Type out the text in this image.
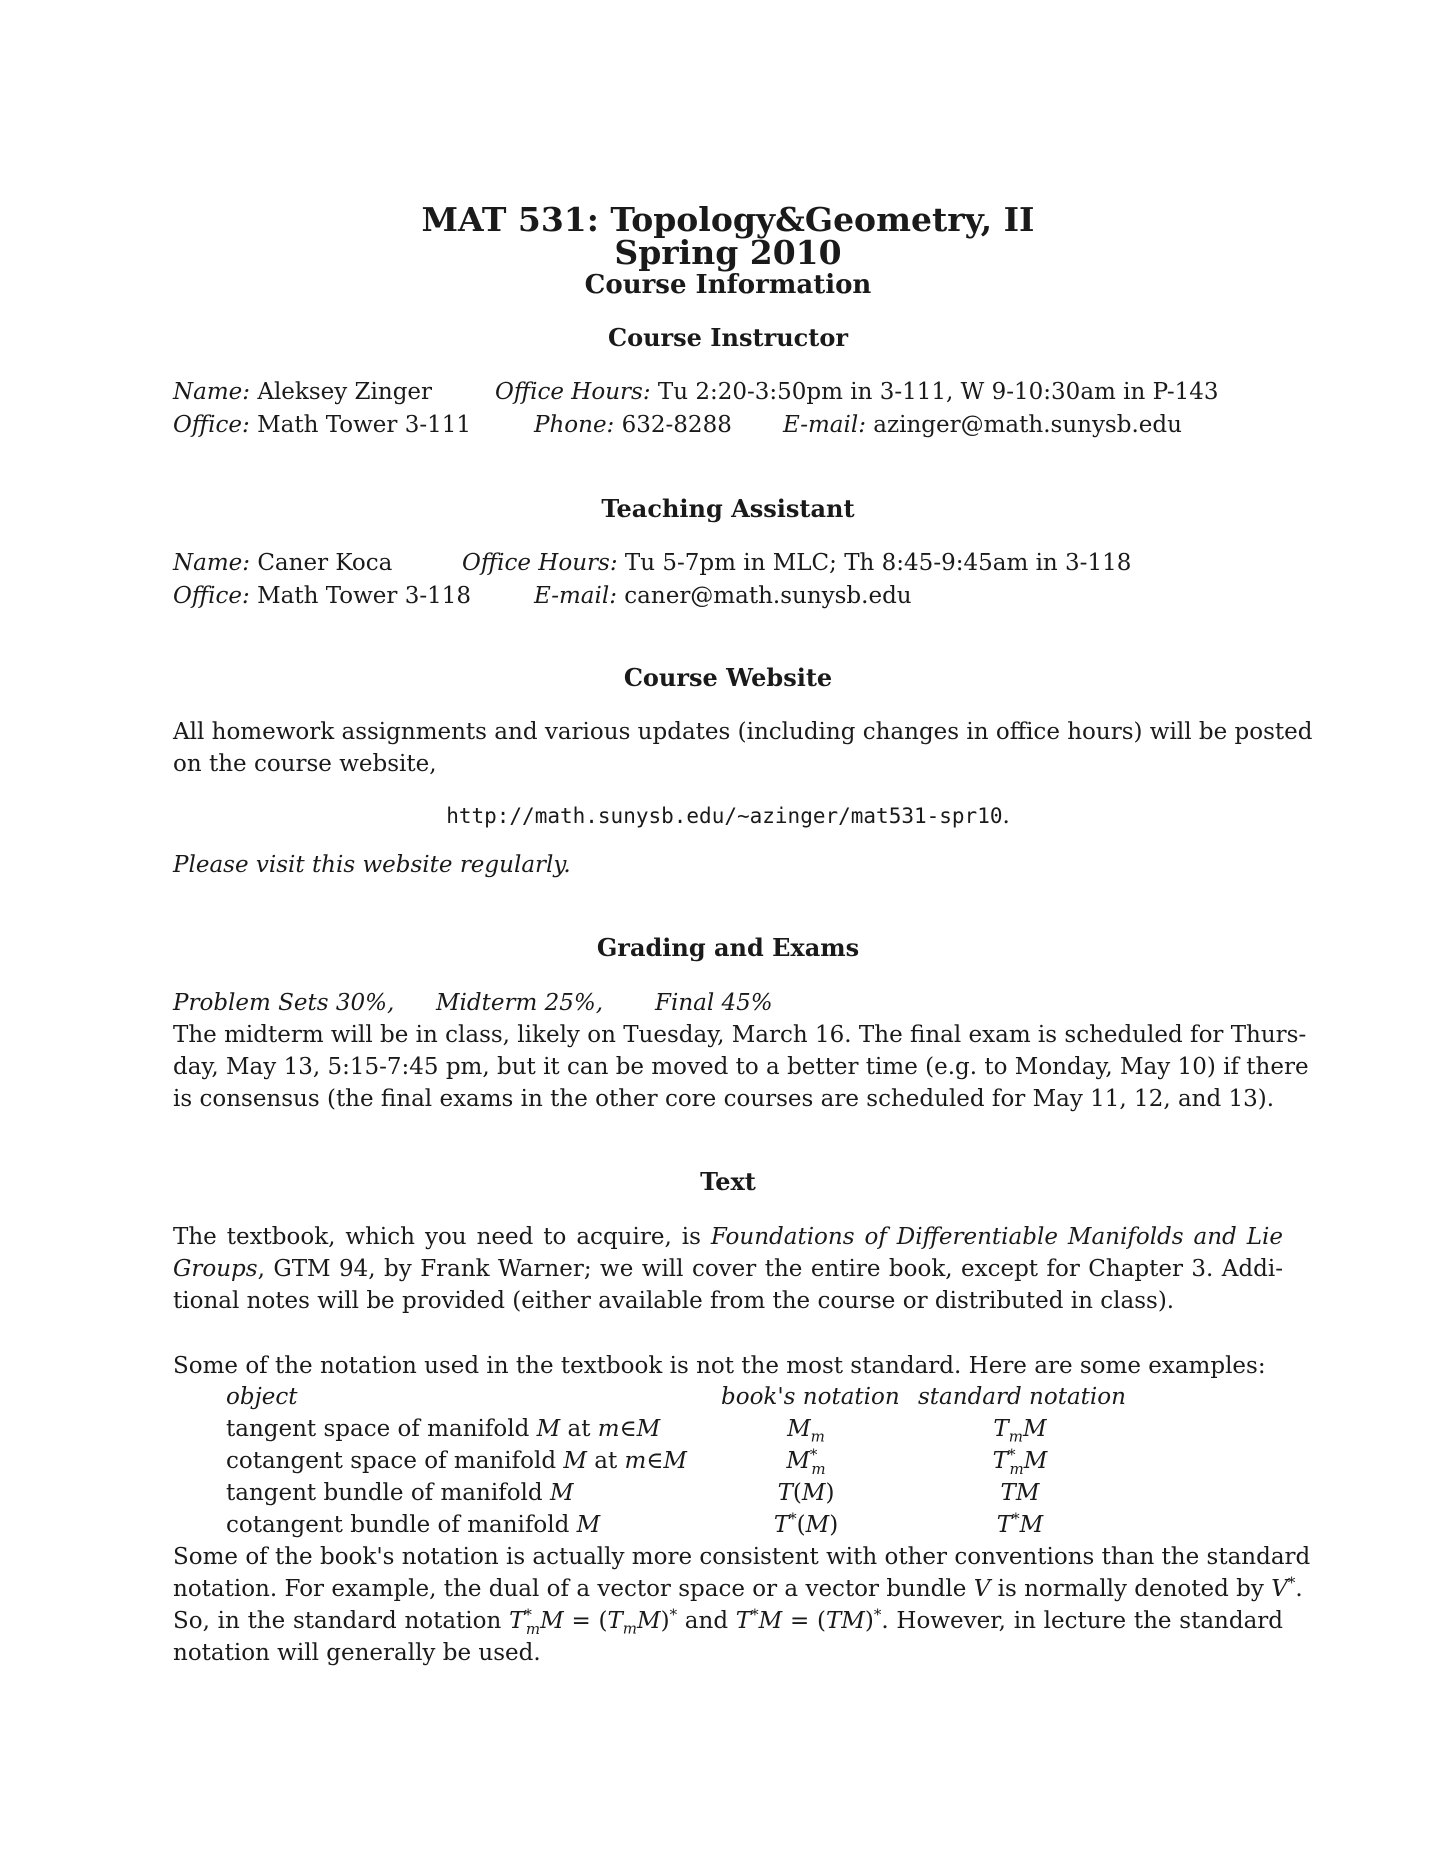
MAT 531: Topology&Geometry, II
Spring 2010
Course Information
Course Instructor
Name: Aleksey Zinger	Office Hours: Tu 2:20-3:50pm in 3-111, W 9-10:30am in P-143
Office: Math Tower 3-111	Phone: 632-8288 E-mail: azinger@math.sunysb.edu
Teaching Assistant
Name: Caner Koca	Office Hours: Tu 5-7pm in MLC; Th 8:45-9:45am in 3-118
Office: Math Tower 3-118	E-mail: caner@math.sunysb.edu
Course Website
All homework assignments and various updates (including changes in office hours) will be posted
on the course website,
http://math.sunysb.edu/∼azinger/mat531-spr10.
Please visit this website regularly.
Grading and Exams
Problem Sets 30%, Midterm 25%, Final 45%
The midterm will be in class, likely on Tuesday, March 16. The final exam is scheduled for Thurs-
day, May 13, 5:15-7:45 pm, but it can be moved to a better time (e.g. to Monday, May 10) if there
is consensus (the final exams in the other core courses are scheduled for May 11, 12, and 13).
Text
The textbook, which you need to acquire, is Foundations of Differentiable Manifolds and Lie
Groups, GTM 94, by Frank Warner; we will cover the entire book, except for Chapter 3. Addi-
tional notes will be provided (either available from the course or distributed in class).
Some of the notation used in the textbook is not the most standard. Here are some examples:
object	book's notation standard notation
tangent space of manifold M at m∈M	$M_m$	$T_mM$
cotangent space of manifold M at m∈M	$M^*_m$	$T^*_mM$
tangent bundle of manifold M	T(M)	TM
cotangent bundle of manifold M	T*(M)	T*M
Some of the book's notation is actually more consistent with other conventions than the standard
notation. For example, the dual of a vector space or a vector bundle V is normally denoted by V*.
So, in the standard notation $T^*_mM = (T_mM)^*$ and T*M = (TM)*. However, in lecture the standard
notation will generally be used.
